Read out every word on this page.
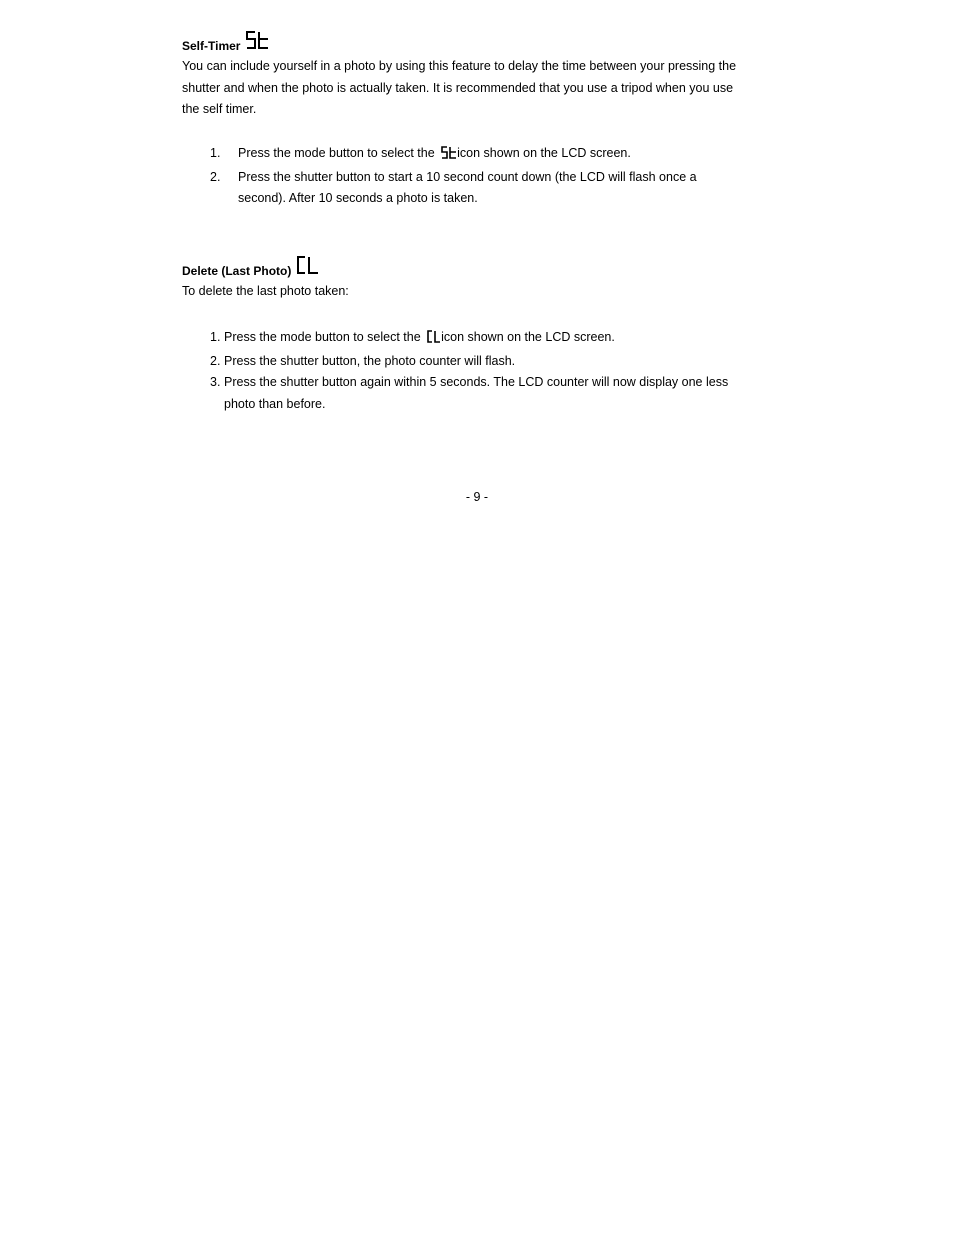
Self-Timer

You can include yourself in a photo by using this feature to delay the time between your pressing the shutter and when the photo is actually taken. It is recommended that you use a tripod when you use the self timer.

1. Press the mode button to select the icon shown on the LCD screen.
2. Press the shutter button to start a 10 second count down (the LCD will flash once a second). After 10 seconds a photo is taken.
Delete (Last Photo)

To delete the last photo taken:

1. Press the mode button to select the icon shown on the LCD screen.
2. Press the shutter button, the photo counter will flash.
3. Press the shutter button again within 5 seconds. The LCD counter will now display one less photo than before.
- 9 -
